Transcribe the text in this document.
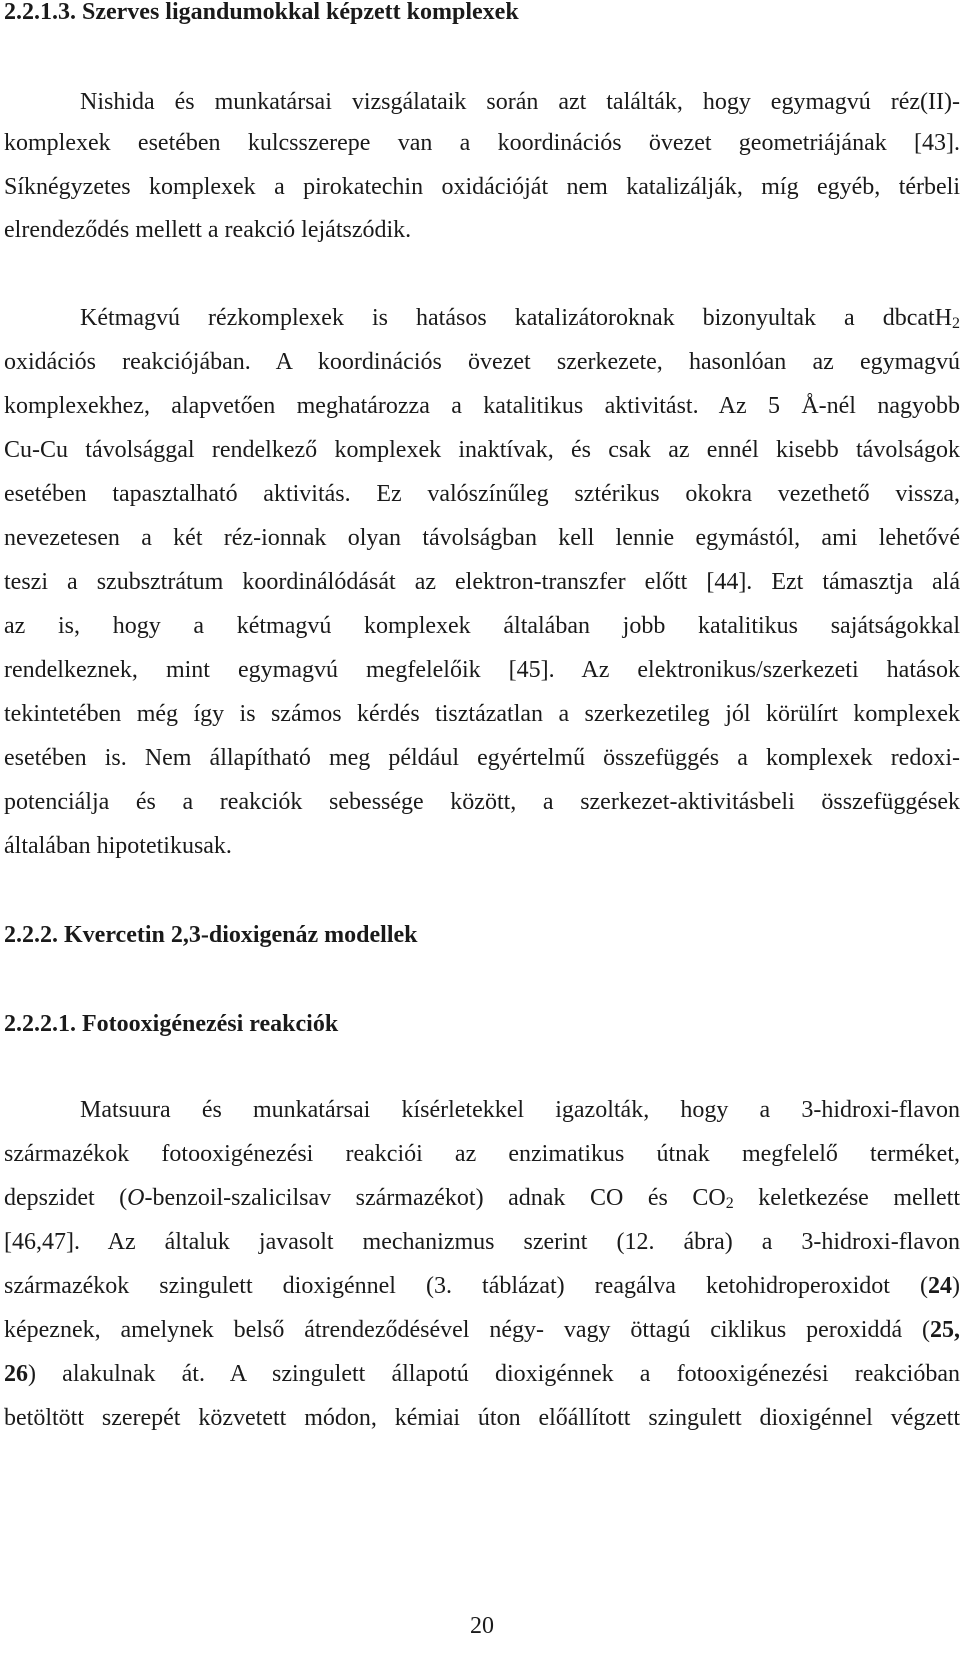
2.2.1.3. Szerves ligandumokkal képzett komplexek
Nishida és munkatársai vizsgálataik során azt találták, hogy egymagvú réz(II)-
komplexek esetében kulcsszerepe van a koordinációs övezet geometriájának [43].
Síknégyzetes komplexek a pirokatechin oxidációját nem katalizálják, míg egyéb, térbeli
elrendeződés mellett a reakció lejátszódik.
Kétmagvú rézkomplexek is hatásos katalizátoroknak bizonyultak a dbcatH$_2$
oxidációs reakciójában. A koordinációs övezet szerkezete, hasonlóan az egymagvú
komplexekhez, alapvetően meghatározza a katalitikus aktivitást. Az 5 Å-nél nagyobb
Cu-Cu távolsággal rendelkező komplexek inaktívak, és csak az ennél kisebb távolságok
esetében tapasztalható aktivitás. Ez valószínűleg sztérikus okokra vezethető vissza,
nevezetesen a két réz-ionnak olyan távolságban kell lennie egymástól, ami lehetővé
teszi a szubsztrátum koordinálódását az elektron-transzfer előtt [44]. Ezt támasztja alá
az is, hogy a kétmagvú komplexek általában jobb katalitikus sajátságokkal
rendelkeznek, mint egymagvú megfelelőik [45]. Az elektronikus/szerkezeti hatások
tekintetében még így is számos kérdés tisztázatlan a szerkezetileg jól körülírt komplexek
esetében is. Nem állapítható meg például egyértelmű összefüggés a komplexek redoxi-
potenciálja és a reakciók sebessége között, a szerkezet-aktivitásbeli összefüggések
általában hipotetikusak.
2.2.2. Kvercetin 2,3-dioxigenáz modellek
2.2.2.1. Fotooxigénezési reakciók
Matsuura és munkatársai kísérletekkel igazolták, hogy a 3-hidroxi-flavon
származékok fotooxigénezési reakciói az enzimatikus útnak megfelelő terméket,
depszidet (O-benzoil-szalicilsav származékot) adnak CO és $CO_2$ keletkezése mellett
[46,47]. Az általuk javasolt mechanizmus szerint (12. ábra) a 3-hidroxi-flavon
származékok szingulett dioxigénnel (3. táblázat) reagálva ketohidroperoxidot (24)
képeznek, amelynek belső átrendeződésével négy- vagy öttagú ciklikus peroxiddá (25,
26) alakulnak át. A szingulett állapotú dioxigénnek a fotooxigénezési reakcióban
betöltött szerepét közvetett módon, kémiai úton előállított szingulett dioxigénnel végzett
20
